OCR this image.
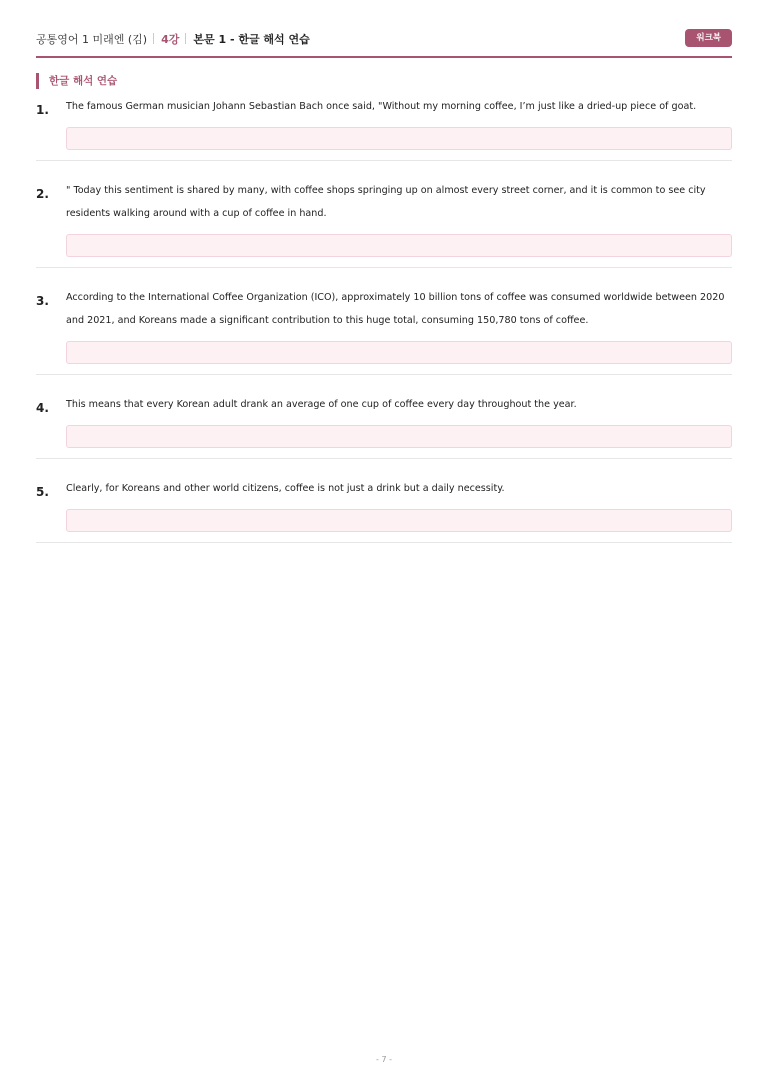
공통영어 1 미래엔 (김) 4강 본문 1 - 한글 해석 연습	워크북
한글 해석 연습
1.	The famous German musician Johann Sebastian Bach once said, "Without my morning coffee, I’m just like a dried-up piece of goat.
2.	" Today this sentiment is shared by many, with coffee shops springing up on almost every street corner, and it is common to see city residents walking around with a cup of coffee in hand.
3.	According to the International Coffee Organization (ICO), approximately 10 billion tons of coffee was consumed worldwide between 2020 and 2021, and Koreans made a significant contribution to this huge total, consuming 150,780 tons of coffee.
4.	This means that every Korean adult drank an average of one cup of coffee every day throughout the year.
5.	Clearly, for Koreans and other world citizens, coffee is not just a drink but a daily necessity.
- 7 -
